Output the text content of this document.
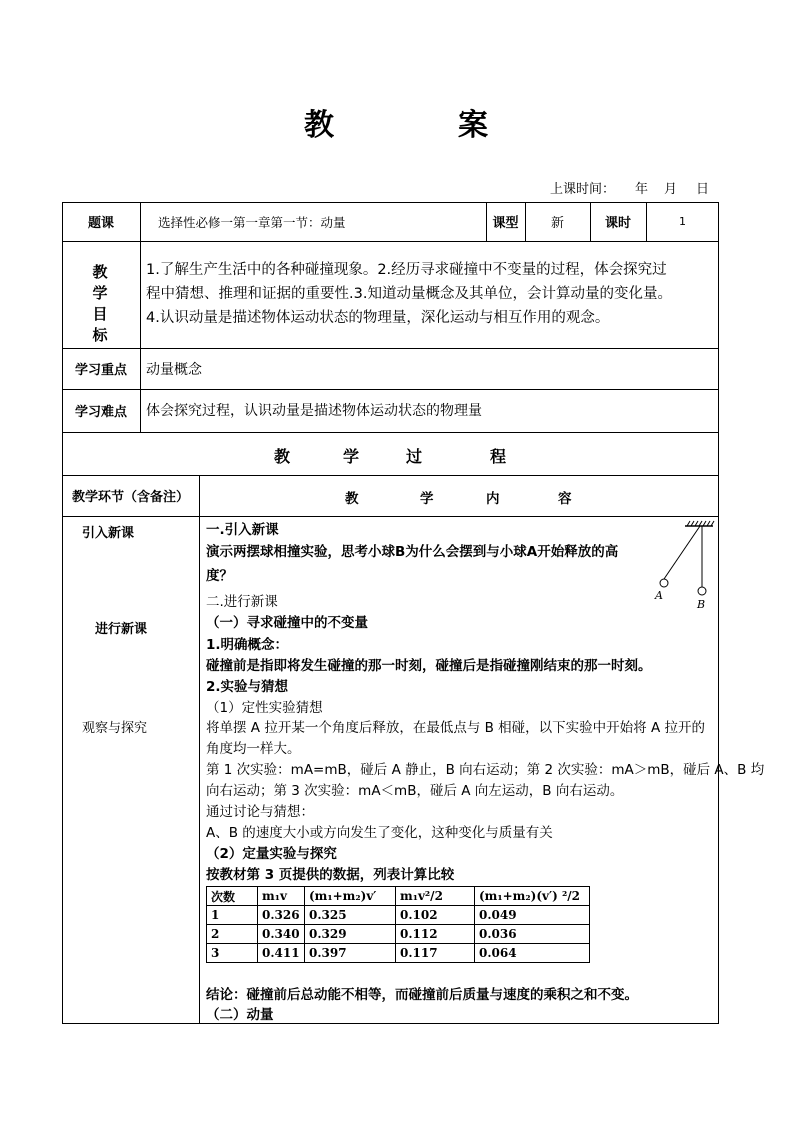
教	案
上课时间： 年 月 日
题课	选择性必修一第一章第一节：动量	课型	新	课时	1
教
学
目
标
1.了解生产生活中的各种碰撞现象。2.经历寻求碰撞中不变量的过程，体会探究过
程中猜想、推理和证据的重要性.3.知道动量概念及其单位，会计算动量的变化量。
4.认识动量是描述物体运动状态的物理量，深化运动与相互作用的观念。
学习重点	动量概念
学习难点	体会探究过程，认识动量是描述物体运动状态的物理量
教	学	过	程
教学环节（含备注）	教	学	内	容
引入新课
进行新课
观察与探究
一.引入新课
演示两摆球相撞实验，思考小球B为什么会摆到与小球A开始释放的高
度？
二.进行新课
（一）寻求碰撞中的不变量
1.明确概念：
碰撞前是指即将发生碰撞的那一时刻，碰撞后是指碰撞刚结束的那一时刻。
2.实验与猜想
（1）定性实验猜想
将单摆 A 拉开某一个角度后释放，在最低点与 B 相碰，以下实验中开始将 A 拉开的
角度均一样大。
第 1 次实验：mA=mB，碰后 A 静止，B 向右运动；第 2 次实验：mA＞mB，碰后 A、B 均
向右运动；第 3 次实验：mA＜mB，碰后 A 向左运动，B 向右运动。
通过讨论与猜想：
A、B 的速度大小或方向发生了变化，这种变化与质量有关
（2）定量实验与探究
按教材第 3 页提供的数据，列表计算比较
结论：碰撞前后总动能不相等，而碰撞前后质量与速度的乘积之和不变。
（二）动量
次数	m₁v	(m₁+m₂)v′	m₁v²/2	(m₁+m₂)(v′) ²/2
1	0.326	0.325	0.102	0.049
2	0.340	0.329	0.112	0.036
3	0.411	0.397	0.117	0.064
A
B
